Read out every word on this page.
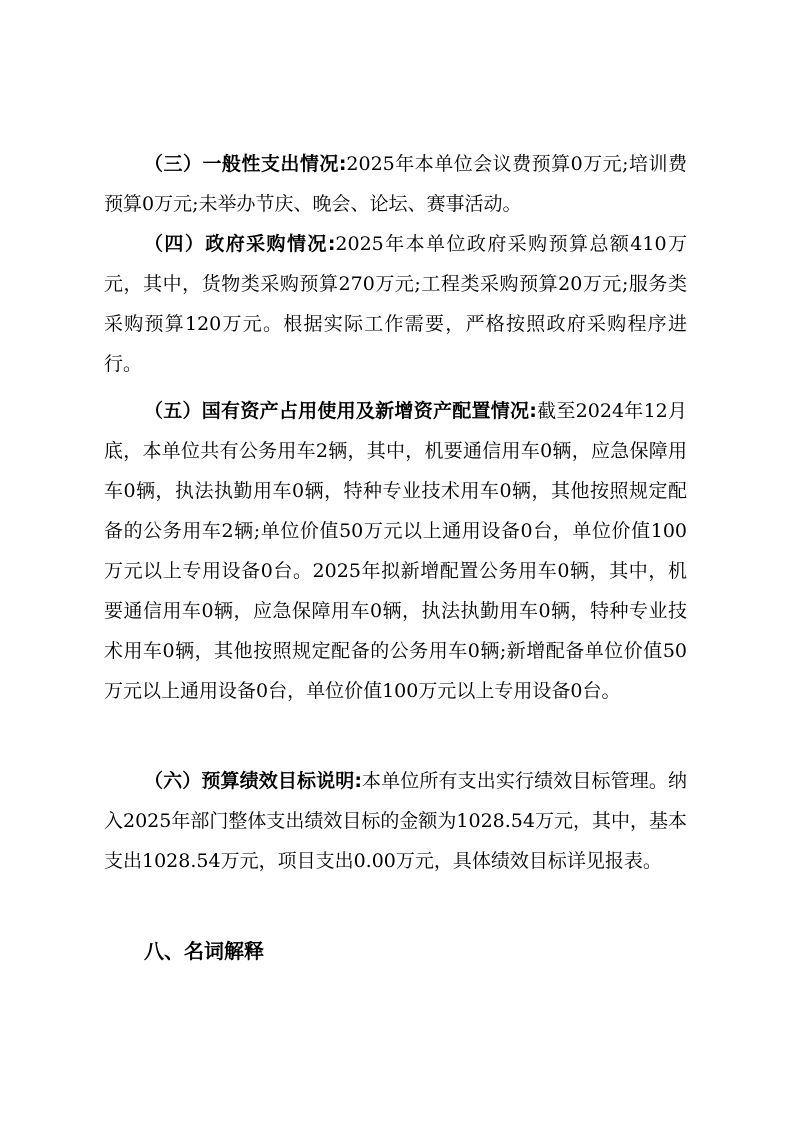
（三）一般性支出情况:2025年本单位会议费预算0万元;培训费预算0万元;未举办节庆、晚会、论坛、赛事活动。

（四）政府采购情况:2025年本单位政府采购预算总额410万元，其中，货物类采购预算270万元;工程类采购预算20万元;服务类采购预算120万元。根据实际工作需要，严格按照政府采购程序进行。

（五）国有资产占用使用及新增资产配置情况:截至2024年12月底，本单位共有公务用车2辆，其中，机要通信用车0辆，应急保障用车0辆，执法执勤用车0辆，特种专业技术用车0辆，其他按照规定配备的公务用车2辆;单位价值50万元以上通用设备0台，单位价值100万元以上专用设备0台。2025年拟新增配置公务用车0辆，其中，机要通信用车0辆，应急保障用车0辆，执法执勤用车0辆，特种专业技术用车0辆，其他按照规定配备的公务用车0辆;新增配备单位价值50万元以上通用设备0台，单位价值100万元以上专用设备0台。

（六）预算绩效目标说明:本单位所有支出实行绩效目标管理。纳入2025年部门整体支出绩效目标的金额为1028.54万元，其中，基本支出1028.54万元，项目支出0.00万元，具体绩效目标详见报表。

八、名词解释
